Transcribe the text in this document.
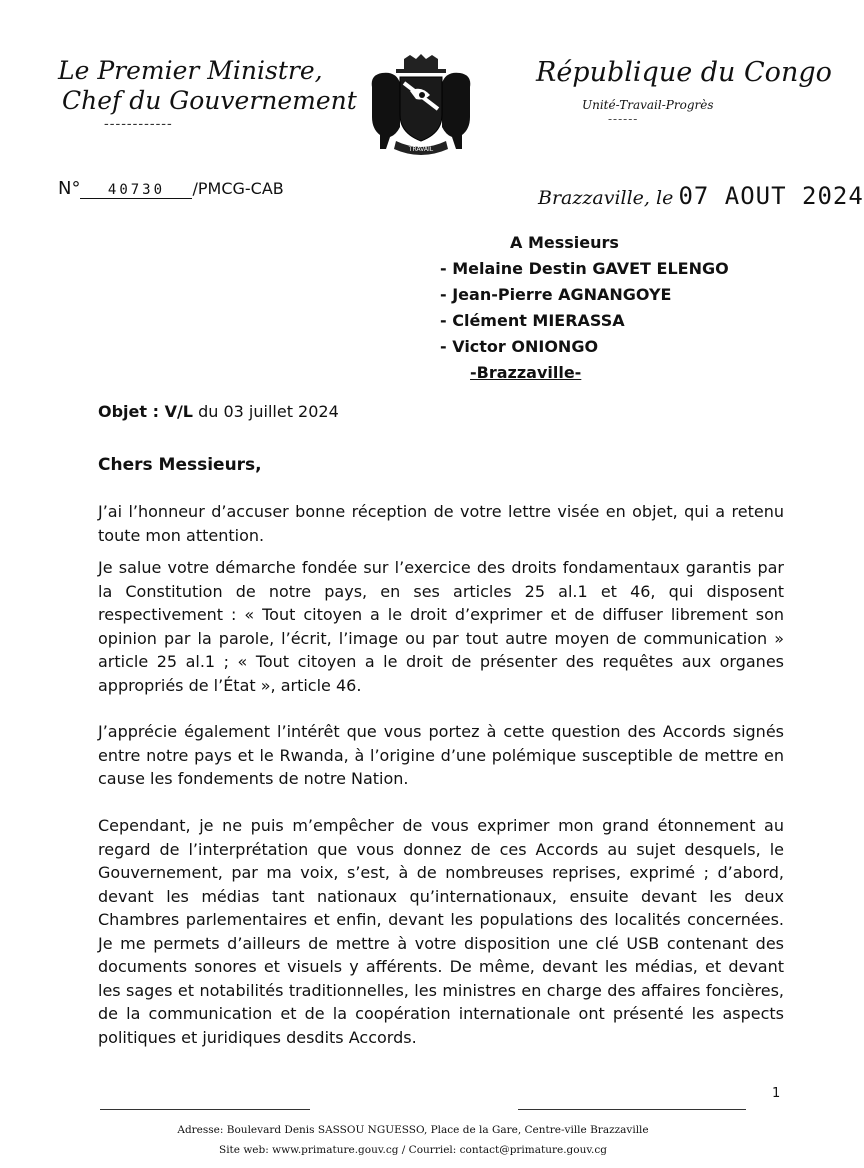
Le Premier Ministre,
Chef du Gouvernement
------------
TRAVAIL
République du Congo
Unité-Travail-Progrès
------
N° 40730 /PMCG-CAB	Brazzaville, le 07 AOUT 2024
A Messieurs
- Melaine Destin GAVET ELENGO
- Jean-Pierre AGNANGOYE
- Clément MIERASSA
- Victor ONIONGO
-Brazzaville-
Objet : V/L du 03 juillet 2024
Chers Messieurs,
J’ai l’honneur d’accuser bonne réception de votre lettre visée en objet, qui a retenu toute mon attention.
Je salue votre démarche fondée sur l’exercice des droits fondamentaux garantis par la Constitution de notre pays, en ses articles 25 al.1 et 46, qui disposent respectivement : « Tout citoyen a le droit d’exprimer et de diffuser librement son opinion par la parole, l’écrit, l’image ou par tout autre moyen de communication » article 25 al.1 ; « Tout citoyen a le droit de présenter des requêtes aux organes appropriés de l’État », article 46.
J’apprécie également l’intérêt que vous portez à cette question des Accords signés entre notre pays et le Rwanda, à l’origine d’une polémique susceptible de mettre en cause les fondements de notre Nation.
Cependant, je ne puis m’empêcher de vous exprimer mon grand étonnement au regard de l’interprétation que vous donnez de ces Accords au sujet desquels, le Gouvernement, par ma voix, s’est, à de nombreuses reprises, exprimé ; d’abord, devant les médias tant nationaux qu’internationaux, ensuite devant les deux Chambres parlementaires et enfin, devant les populations des localités concernées. Je me permets d’ailleurs de mettre à votre disposition une clé USB contenant des documents sonores et visuels y afférents. De même, devant les médias, et devant les sages et notabilités traditionnelles, les ministres en charge des affaires foncières, de la communication et de la coopération internationale ont présenté les aspects politiques et juridiques desdits Accords.
1
Adresse: Boulevard Denis SASSOU NGUESSO, Place de la Gare, Centre-ville Brazzaville
Site web: www.primature.gouv.cg / Courriel: contact@primature.gouv.cg
